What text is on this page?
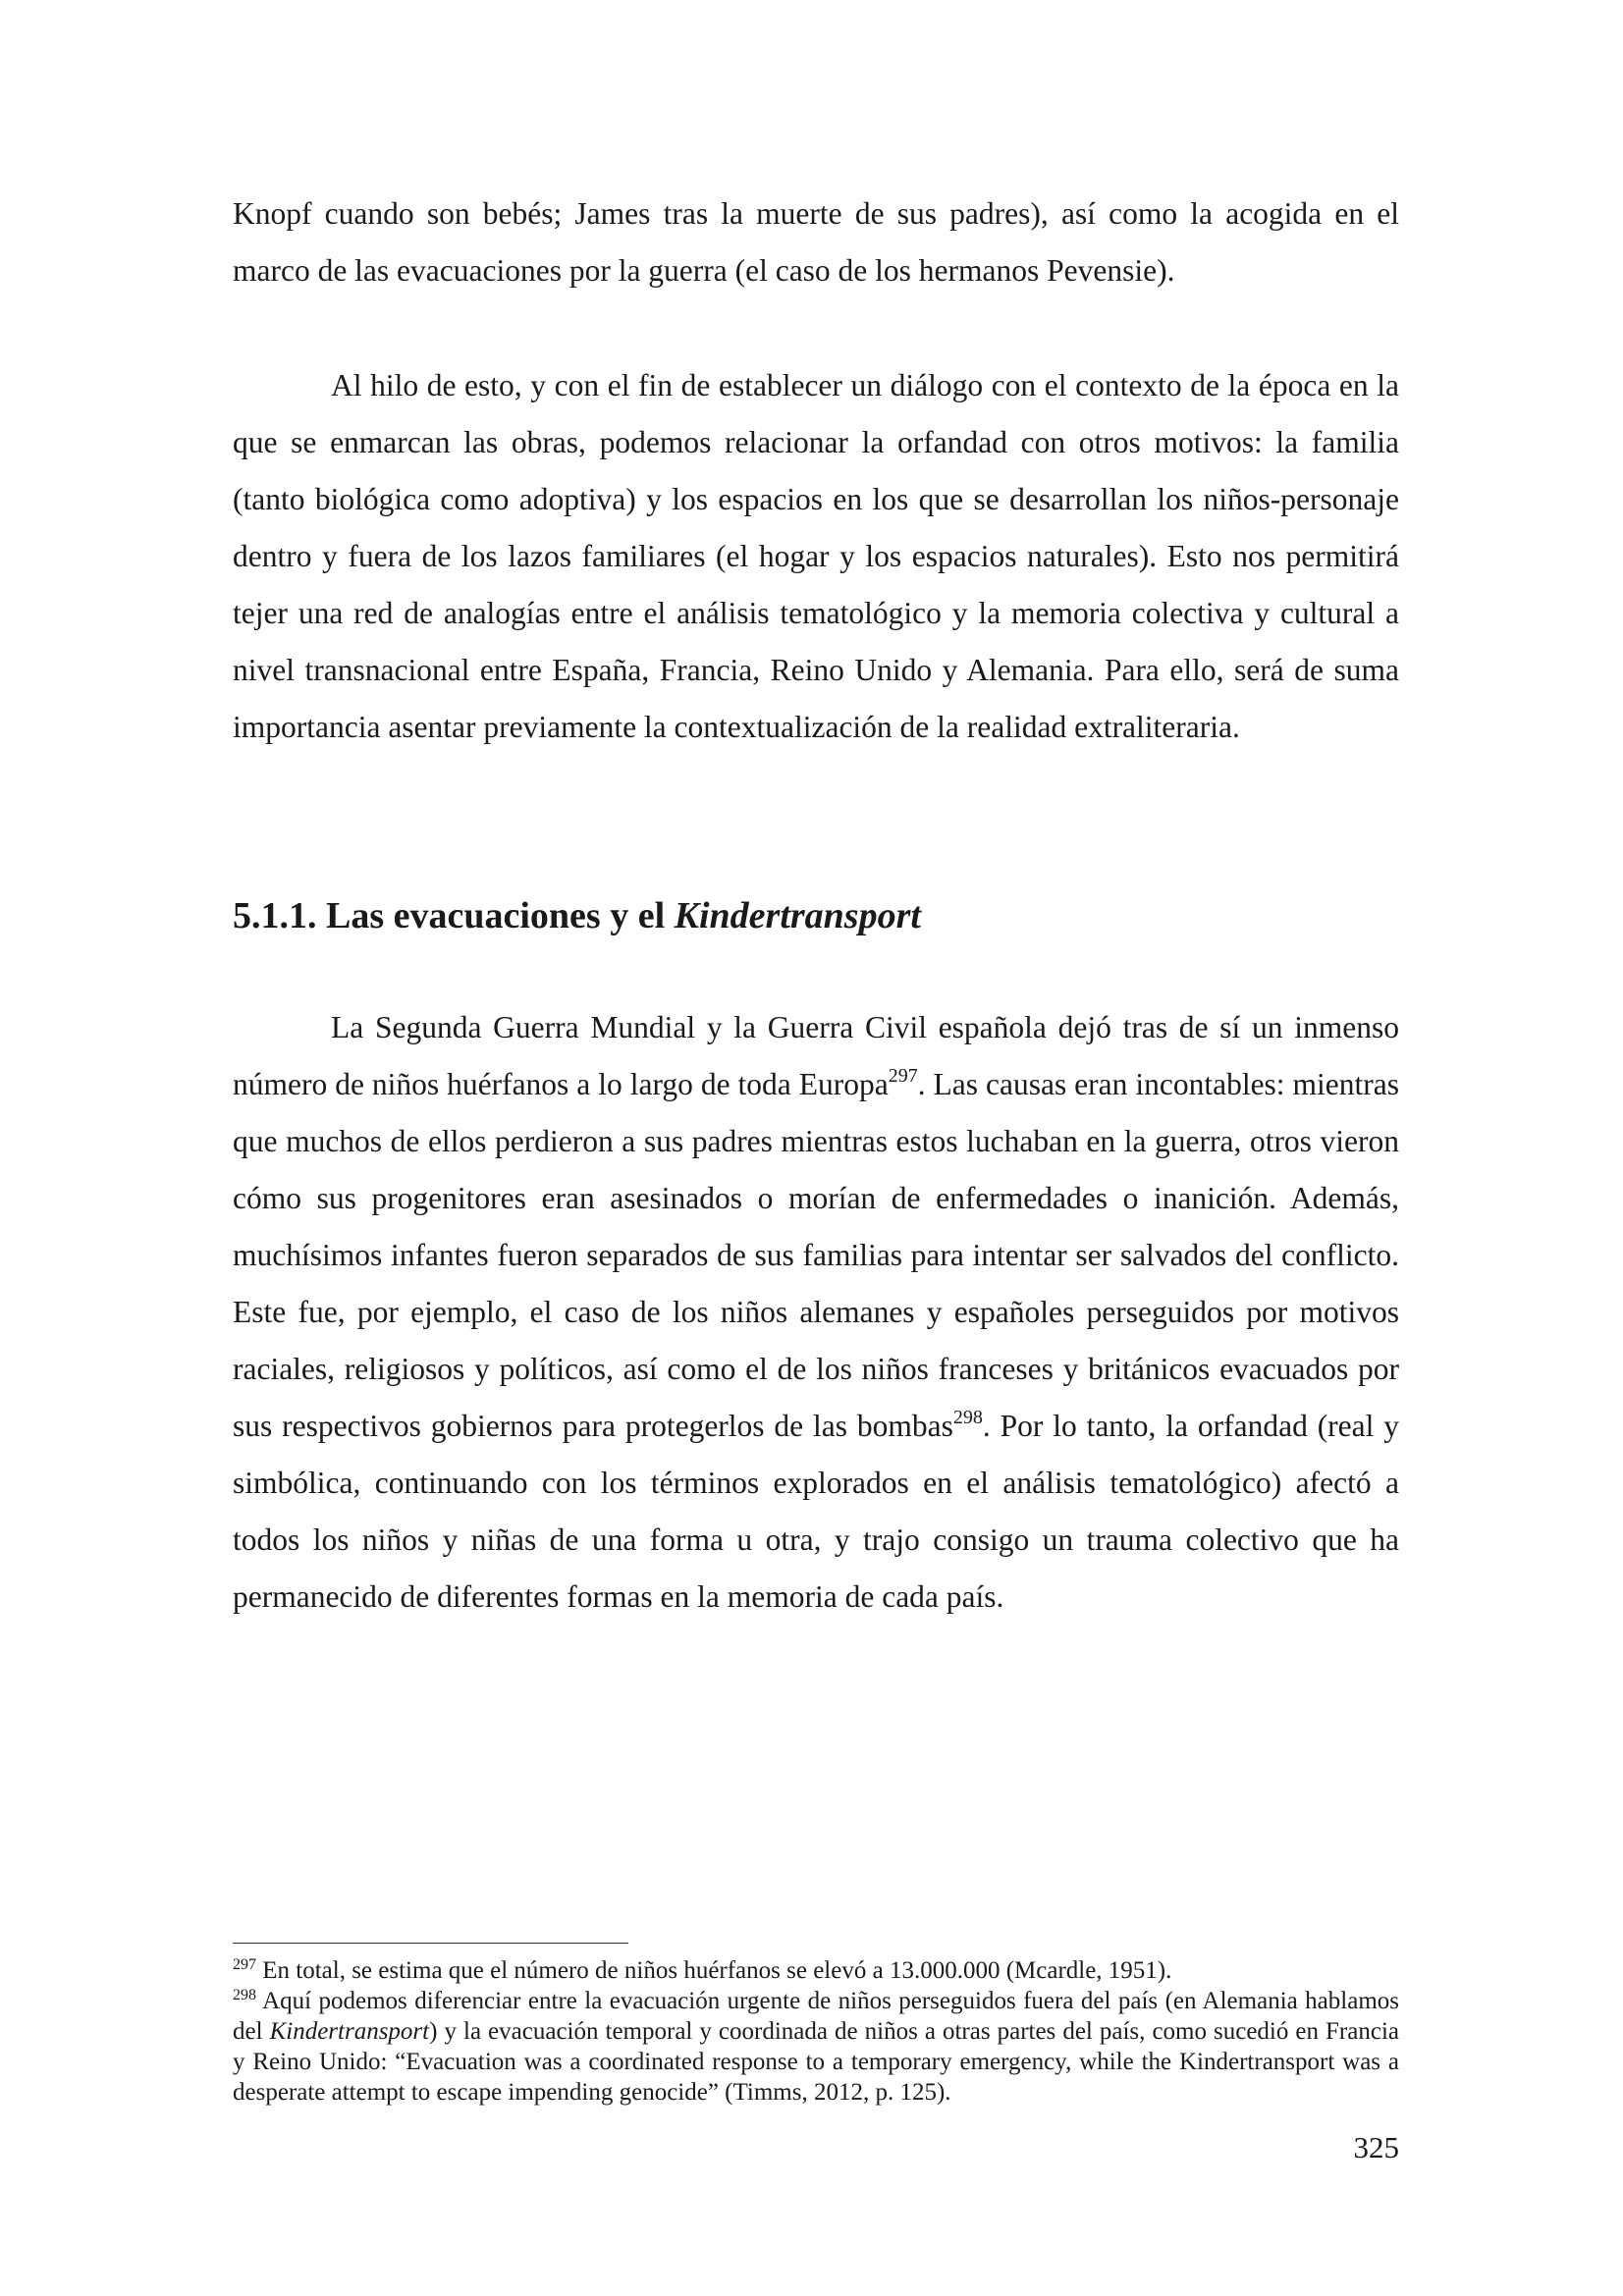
Knopf cuando son bebés; James tras la muerte de sus padres), así como la acogida en el marco de las evacuaciones por la guerra (el caso de los hermanos Pevensie).

Al hilo de esto, y con el fin de establecer un diálogo con el contexto de la época en la que se enmarcan las obras, podemos relacionar la orfandad con otros motivos: la familia (tanto biológica como adoptiva) y los espacios en los que se desarrollan los niños-personaje dentro y fuera de los lazos familiares (el hogar y los espacios naturales). Esto nos permitirá tejer una red de analogías entre el análisis tematológico y la memoria colectiva y cultural a nivel transnacional entre España, Francia, Reino Unido y Alemania. Para ello, será de suma importancia asentar previamente la contextualización de la realidad extraliteraria.

5.1.1. Las evacuaciones y el Kindertransport

La Segunda Guerra Mundial y la Guerra Civil española dejó tras de sí un inmenso número de niños huérfanos a lo largo de toda Europa$^{297}$. Las causas eran incontables: mientras que muchos de ellos perdieron a sus padres mientras estos luchaban en la guerra, otros vieron cómo sus progenitores eran asesinados o morían de enfermedades o inanición. Además, muchísimos infantes fueron separados de sus familias para intentar ser salvados del conflicto. Este fue, por ejemplo, el caso de los niños alemanes y españoles perseguidos por motivos raciales, religiosos y políticos, así como el de los niños franceses y británicos evacuados por sus respectivos gobiernos para protegerlos de las bombas$^{298}$. Por lo tanto, la orfandad (real y simbólica, continuando con los términos explorados en el análisis tematológico) afectó a todos los niños y niñas de una forma u otra, y trajo consigo un trauma colectivo que ha permanecido de diferentes formas en la memoria de cada país.

$^{297}$ En total, se estima que el número de niños huérfanos se elevó a 13.000.000 (Mcardle, 1951).

$^{298}$ Aquí podemos diferenciar entre la evacuación urgente de niños perseguidos fuera del país (en Alemania hablamos del Kindertransport) y la evacuación temporal y coordinada de niños a otras partes del país, como sucedió en Francia y Reino Unido: “Evacuation was a coordinated response to a temporary emergency, while the Kindertransport was a desperate attempt to escape impending genocide” (Timms, 2012, p. 125).

325
